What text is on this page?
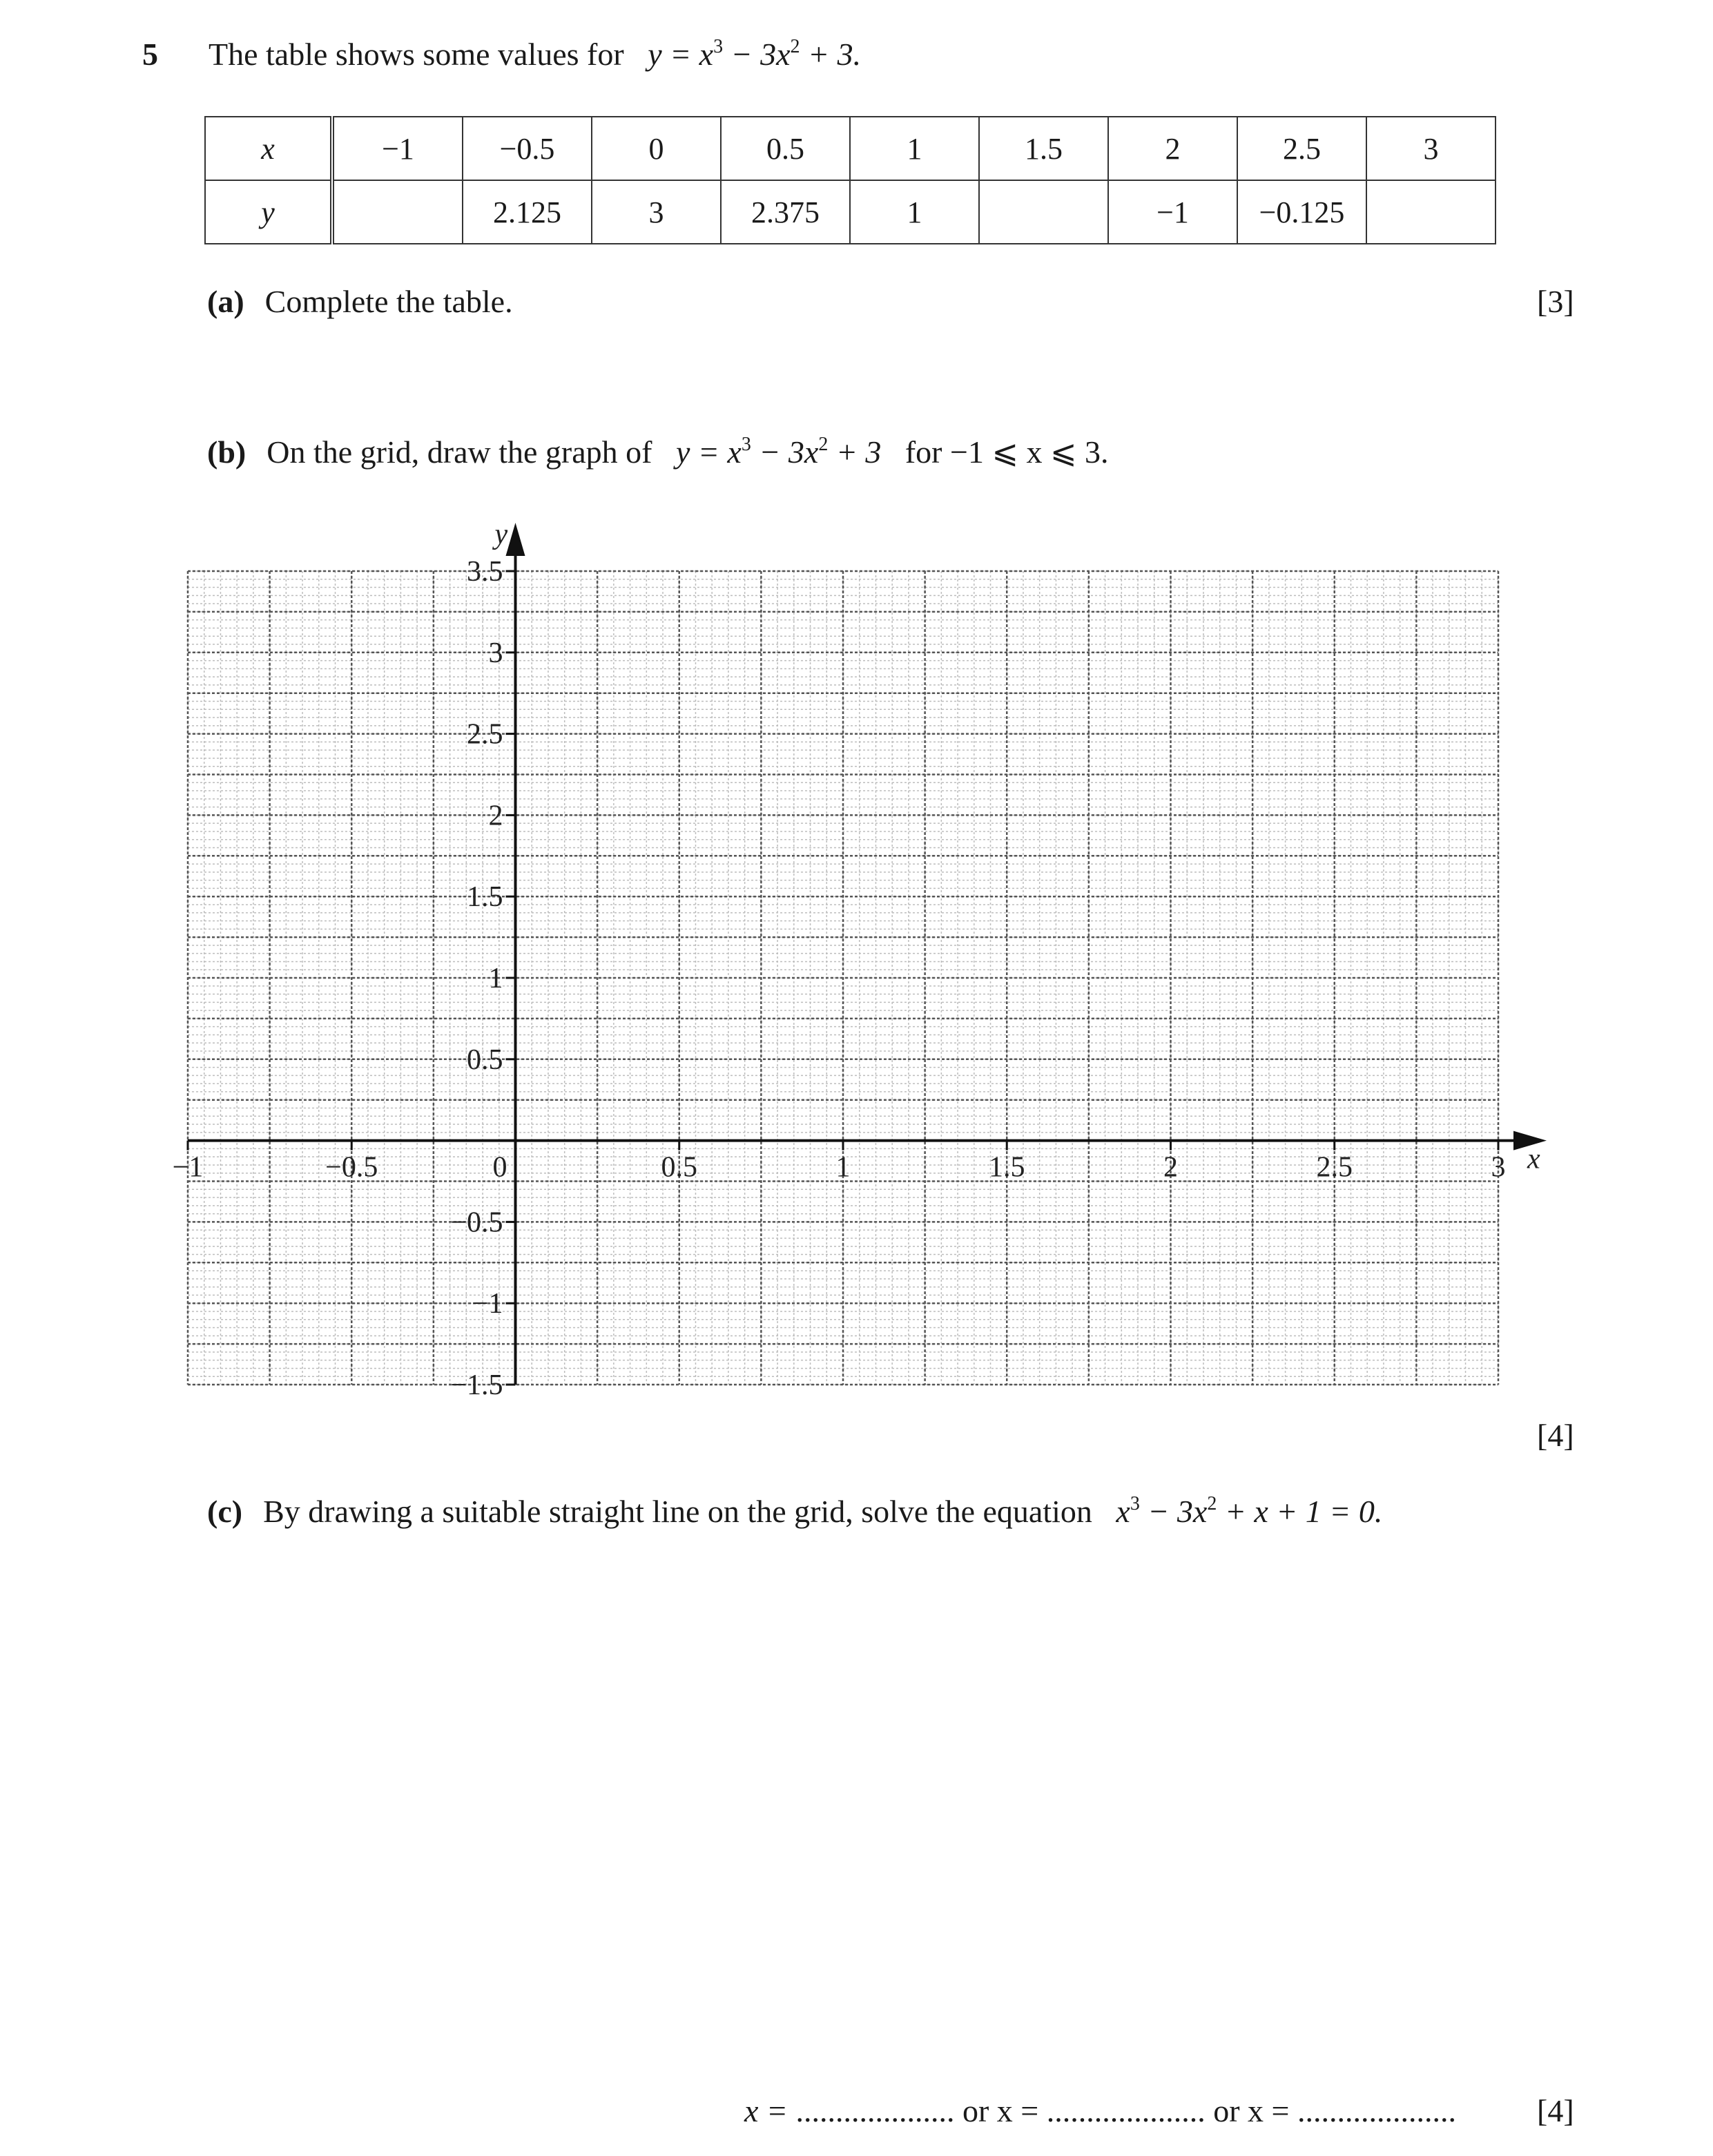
5 The table shows some values for $y = x^3 - 3x^2 + 3$.
x	−1	−0.5	0	0.5	1	1.5	2	2.5	3
y		2.125	3	2.375	1		−1	−0.125	
(a) Complete the table.	[3]
(b) On the grid, draw the graph of $y = x^3 - 3x^2 + 3$ for −1 ⩽ x ⩽ 3.
x
y
−1	−0.5	0	0.5	1	1.5	2	2.5	3
−1.5
−1
−0.5
0.5
1
1.5
2
2.5
3
3.5
[4]
(c) By drawing a suitable straight line on the grid, solve the equation $x^3 - 3x^2 + x + 1 = 0$.
x = .................... or x = .................... or x = ....................	[4]
